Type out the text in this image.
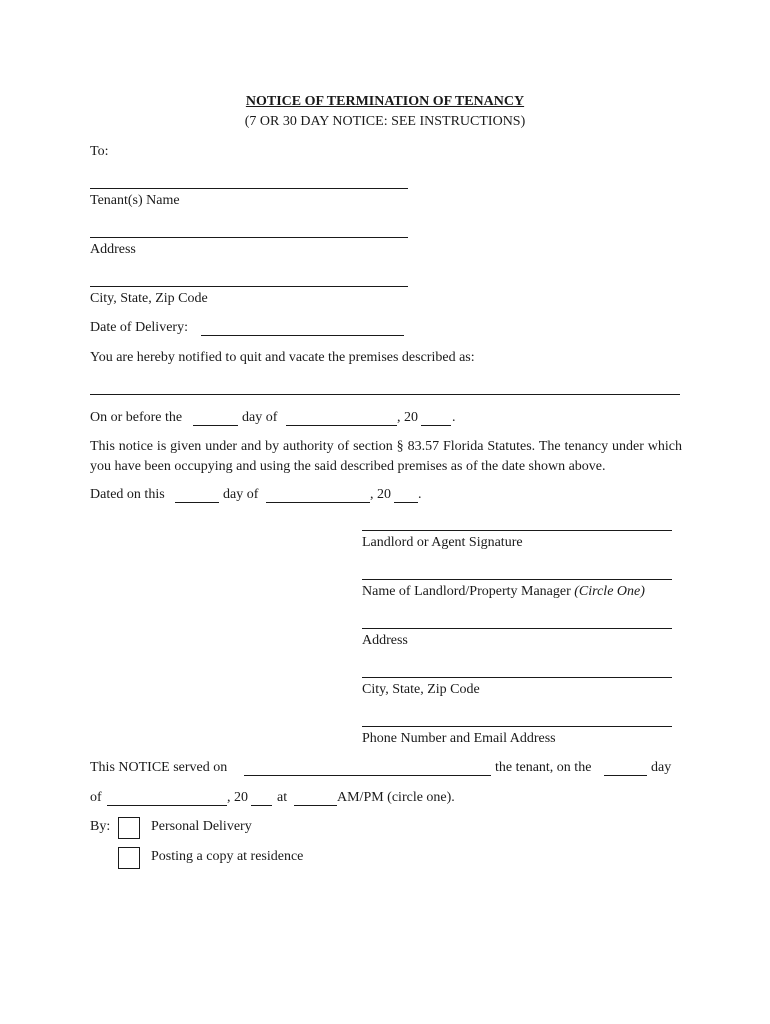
NOTICE OF TERMINATION OF TENANCY
(7 OR 30 DAY NOTICE: SEE INSTRUCTIONS)
To:
Tenant(s) Name
Address
City, State, Zip Code
Date of Delivery:
You are hereby notified to quit and vacate the premises described as:
On or before the	day of	, 20 .

This notice is given under and by authority of section § 83.57 Florida Statutes. The tenancy under which you have been occupying and using the said described premises as of the date shown above.

Dated on this	day of	, 20 .
Landlord or Agent Signature
Name of Landlord/Property Manager (Circle One)
Address
City, State, Zip Code
Phone Number and Email Address
This NOTICE served on	the tenant, on the	day
of	, 20 at	AM/PM (circle one).
By:	Personal Delivery
Posting a copy at residence
